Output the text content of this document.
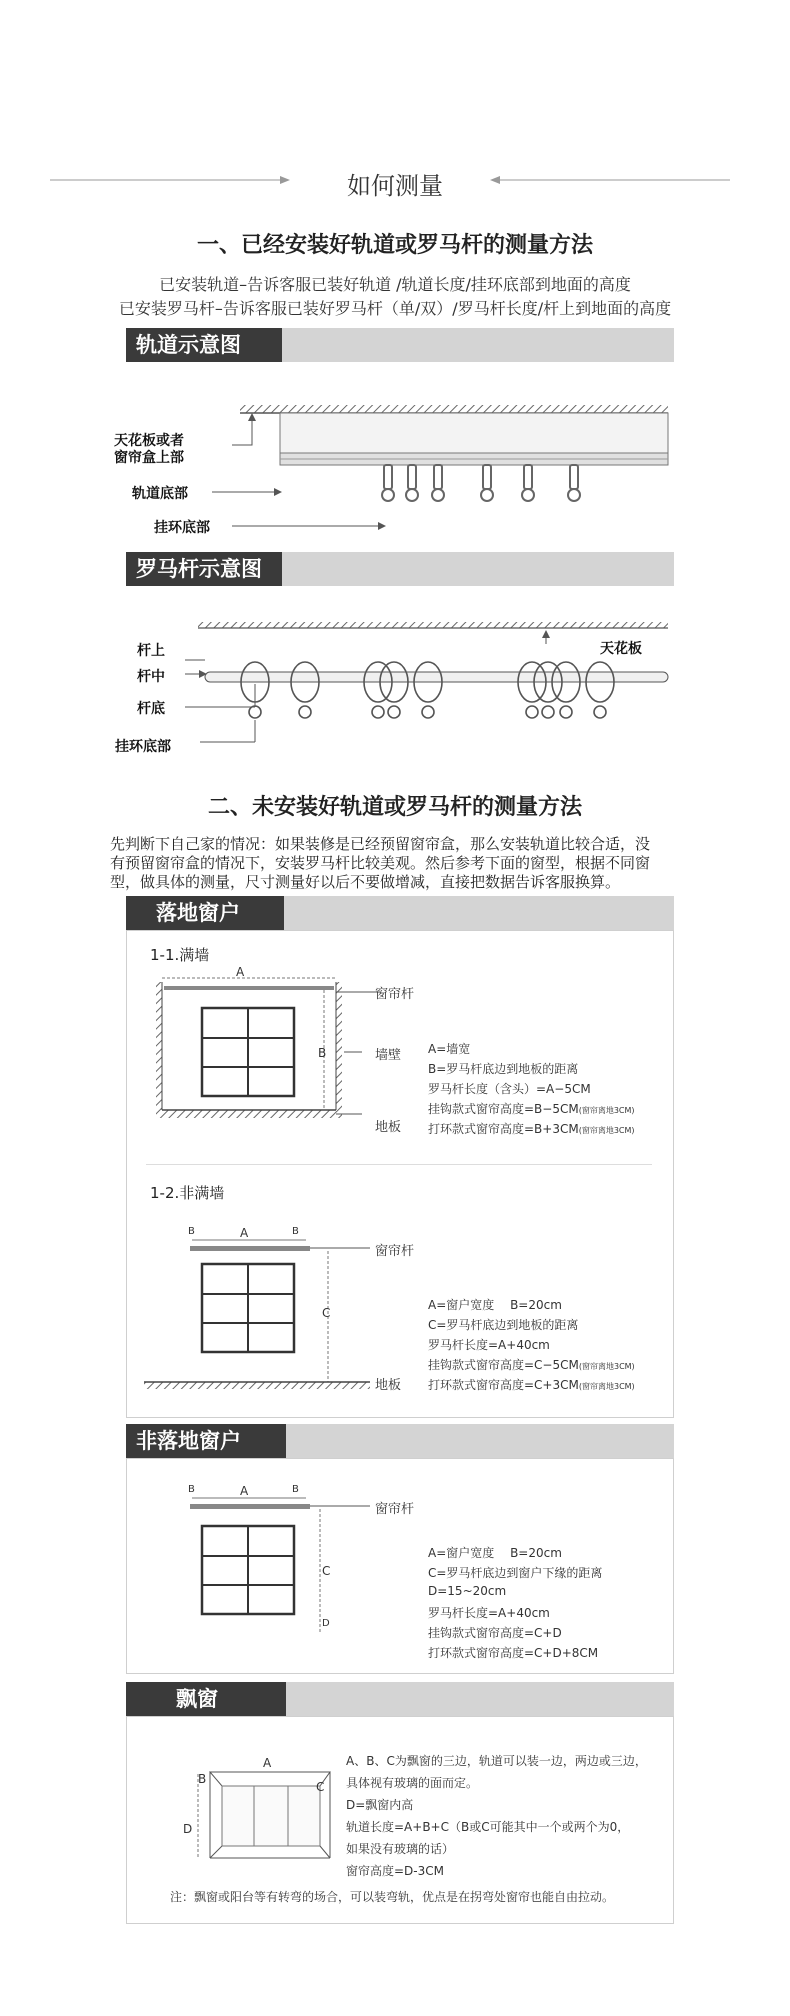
如何测量
一、已经安装好轨道或罗马杆的测量方法
已安装轨道–告诉客服已装好轨道 /轨道长度/挂环底部到地面的高度
已安装罗马杆–告诉客服已装好罗马杆（单/双）/罗马杆长度/杆上到地面的高度
轨道示意图
天花板或者
窗帘盒上部
轨道底部
挂环底部
罗马杆示意图
杆上
杆中
杆底
挂环底部
天花板
二、未安装好轨道或罗马杆的测量方法
先判断下自己家的情况：如果装修是已经预留窗帘盒，那么安装轨道比较合适，没
有预留窗帘盒的情况下，安装罗马杆比较美观。然后参考下面的窗型，根据不同窗
型，做具体的测量，尺寸测量好以后不要做增减，直接把数据告诉客服换算。
落地窗户
1-1.满墙
A
B
窗帘杆
墙壁
地板
A=墙宽
B=罗马杆底边到地板的距离
罗马杆长度（含头）=A−5CM
挂钩款式窗帘高度=B−5CM(窗帘离地3CM)
打环款式窗帘高度=B+3CM(窗帘离地3CM)
1-2.非满墙
B	A	B
C
窗帘杆
地板
A=窗户宽度　 B=20cm
C=罗马杆底边到地板的距离
罗马杆长度=A+40cm
挂钩款式窗帘高度=C−5CM(窗帘离地3CM)
打环款式窗帘高度=C+3CM(窗帘离地3CM)
非落地窗户
B	A	B
C
D
窗帘杆
A=窗户宽度　 B=20cm
C=罗马杆底边到窗户下缘的距离
D=15~20cm
罗马杆长度=A+40cm
挂钩款式窗帘高度=C+D
打环款式窗帘高度=C+D+8CM
飘窗
A
B
C
D
A、B、C为飘窗的三边，轨道可以装一边，两边或三边，
具体视有玻璃的面而定。
D=飘窗内高
轨道长度=A+B+C（B或C可能其中一个或两个为0，
如果没有玻璃的话）
窗帘高度=D-3CM
注：飘窗或阳台等有转弯的场合，可以装弯轨，优点是在拐弯处窗帘也能自由拉动。
